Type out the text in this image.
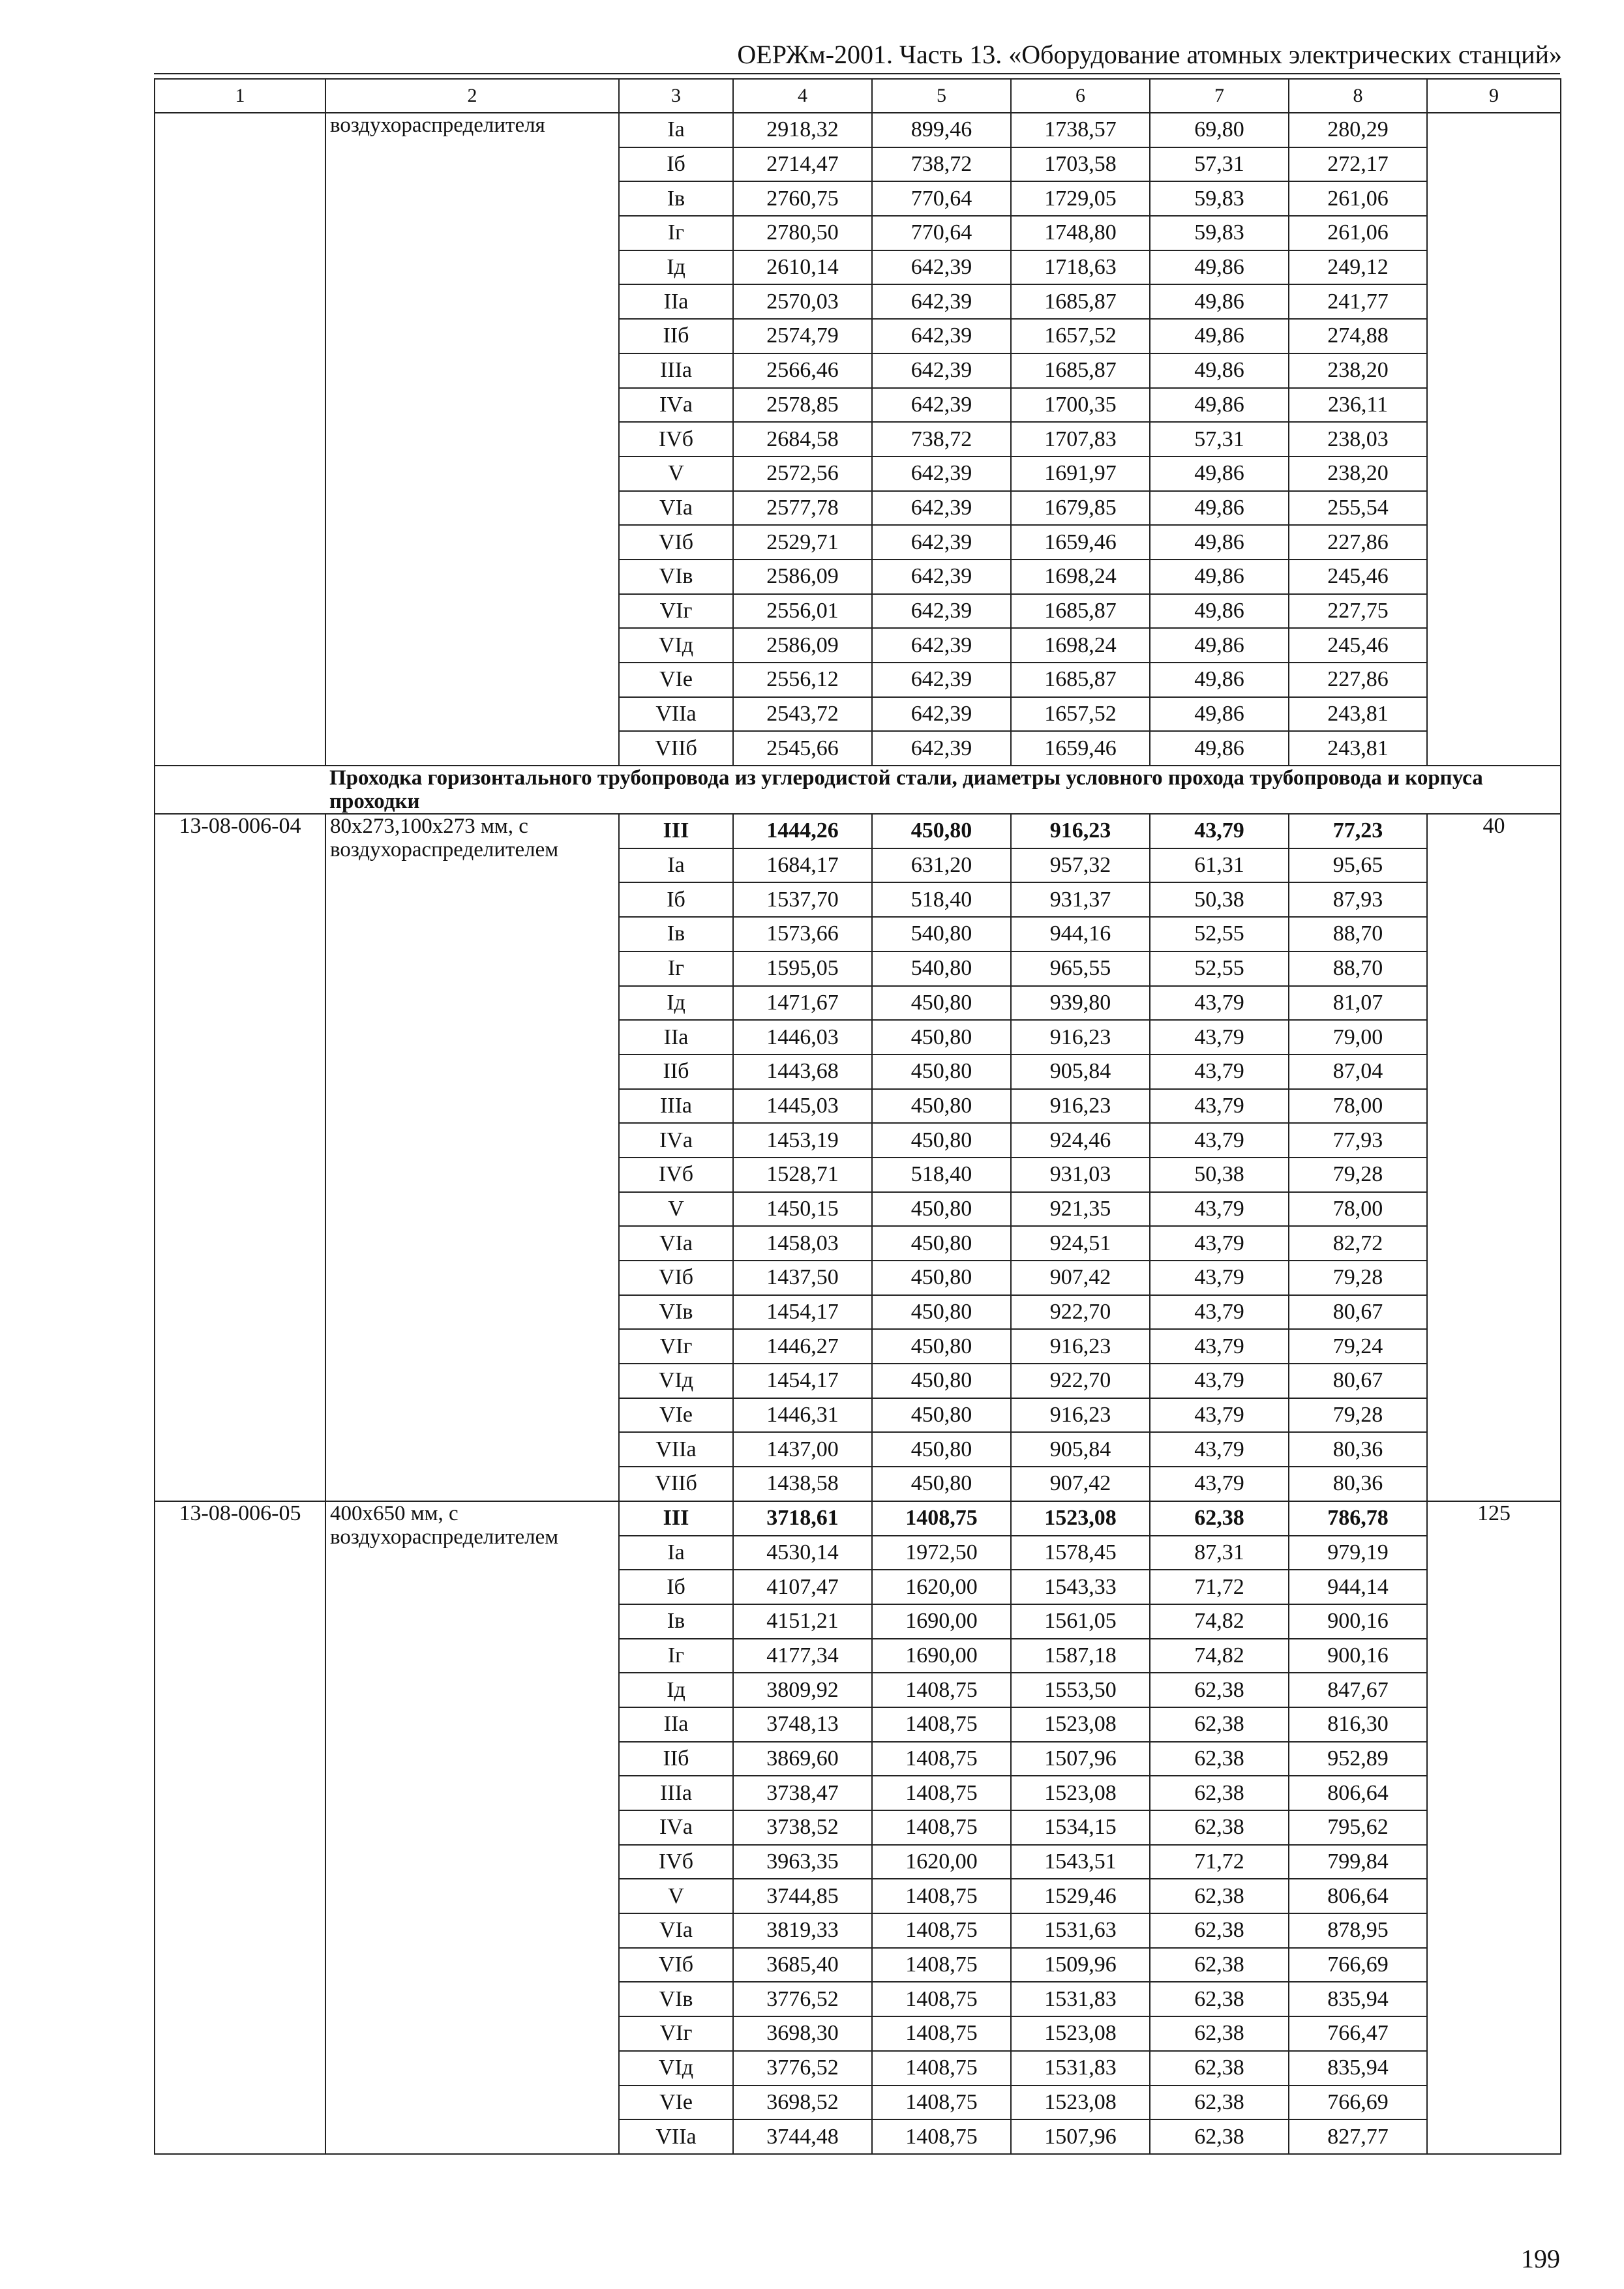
ОЕРЖм-2001. Часть 13. «Оборудование атомных электрических станций»
1	2	3	4	5	6	7	8	9
	воздухораспределителя	Iа	2918,32	899,46	1738,57	69,80	280,29	
		Iб	2714,47	738,72	1703,58	57,31	272,17	
		Iв	2760,75	770,64	1729,05	59,83	261,06	
		Iг	2780,50	770,64	1748,80	59,83	261,06	
		Iд	2610,14	642,39	1718,63	49,86	249,12	
		IIа	2570,03	642,39	1685,87	49,86	241,77	
		IIб	2574,79	642,39	1657,52	49,86	274,88	
		IIIа	2566,46	642,39	1685,87	49,86	238,20	
		IVа	2578,85	642,39	1700,35	49,86	236,11	
		IVб	2684,58	738,72	1707,83	57,31	238,03	
		V	2572,56	642,39	1691,97	49,86	238,20	
		VIа	2577,78	642,39	1679,85	49,86	255,54	
		VIб	2529,71	642,39	1659,46	49,86	227,86	
		VIв	2586,09	642,39	1698,24	49,86	245,46	
		VIг	2556,01	642,39	1685,87	49,86	227,75	
		VIд	2586,09	642,39	1698,24	49,86	245,46	
		VIе	2556,12	642,39	1685,87	49,86	227,86	
		VIIа	2543,72	642,39	1657,52	49,86	243,81	
		VIIб	2545,66	642,39	1659,46	49,86	243,81	
	Проходка горизонтального трубопровода из углеродистой стали, диаметры условного прохода трубопровода и корпуса проходки							
13-08-006-04	80х273,100х273 мм, с воздухораспределителем	III	1444,26	450,80	916,23	43,79	77,23	40
		Iа	1684,17	631,20	957,32	61,31	95,65	
		Iб	1537,70	518,40	931,37	50,38	87,93	
		Iв	1573,66	540,80	944,16	52,55	88,70	
		Iг	1595,05	540,80	965,55	52,55	88,70	
		Iд	1471,67	450,80	939,80	43,79	81,07	
		IIа	1446,03	450,80	916,23	43,79	79,00	
		IIб	1443,68	450,80	905,84	43,79	87,04	
		IIIа	1445,03	450,80	916,23	43,79	78,00	
		IVа	1453,19	450,80	924,46	43,79	77,93	
		IVб	1528,71	518,40	931,03	50,38	79,28	
		V	1450,15	450,80	921,35	43,79	78,00	
		VIа	1458,03	450,80	924,51	43,79	82,72	
		VIб	1437,50	450,80	907,42	43,79	79,28	
		VIв	1454,17	450,80	922,70	43,79	80,67	
		VIг	1446,27	450,80	916,23	43,79	79,24	
		VIд	1454,17	450,80	922,70	43,79	80,67	
		VIе	1446,31	450,80	916,23	43,79	79,28	
		VIIа	1437,00	450,80	905,84	43,79	80,36	
		VIIб	1438,58	450,80	907,42	43,79	80,36	
13-08-006-05	400х650 мм, с воздухораспределителем	III	3718,61	1408,75	1523,08	62,38	786,78	125
		Iа	4530,14	1972,50	1578,45	87,31	979,19	
		Iб	4107,47	1620,00	1543,33	71,72	944,14	
		Iв	4151,21	1690,00	1561,05	74,82	900,16	
		Iг	4177,34	1690,00	1587,18	74,82	900,16	
		Iд	3809,92	1408,75	1553,50	62,38	847,67	
		IIа	3748,13	1408,75	1523,08	62,38	816,30	
		IIб	3869,60	1408,75	1507,96	62,38	952,89	
		IIIа	3738,47	1408,75	1523,08	62,38	806,64	
		IVа	3738,52	1408,75	1534,15	62,38	795,62	
		IVб	3963,35	1620,00	1543,51	71,72	799,84	
		V	3744,85	1408,75	1529,46	62,38	806,64	
		VIа	3819,33	1408,75	1531,63	62,38	878,95	
		VIб	3685,40	1408,75	1509,96	62,38	766,69	
		VIв	3776,52	1408,75	1531,83	62,38	835,94	
		VIг	3698,30	1408,75	1523,08	62,38	766,47	
		VIд	3776,52	1408,75	1531,83	62,38	835,94	
		VIе	3698,52	1408,75	1523,08	62,38	766,69	
		VIIа	3744,48	1408,75	1507,96	62,38	827,77	
199
